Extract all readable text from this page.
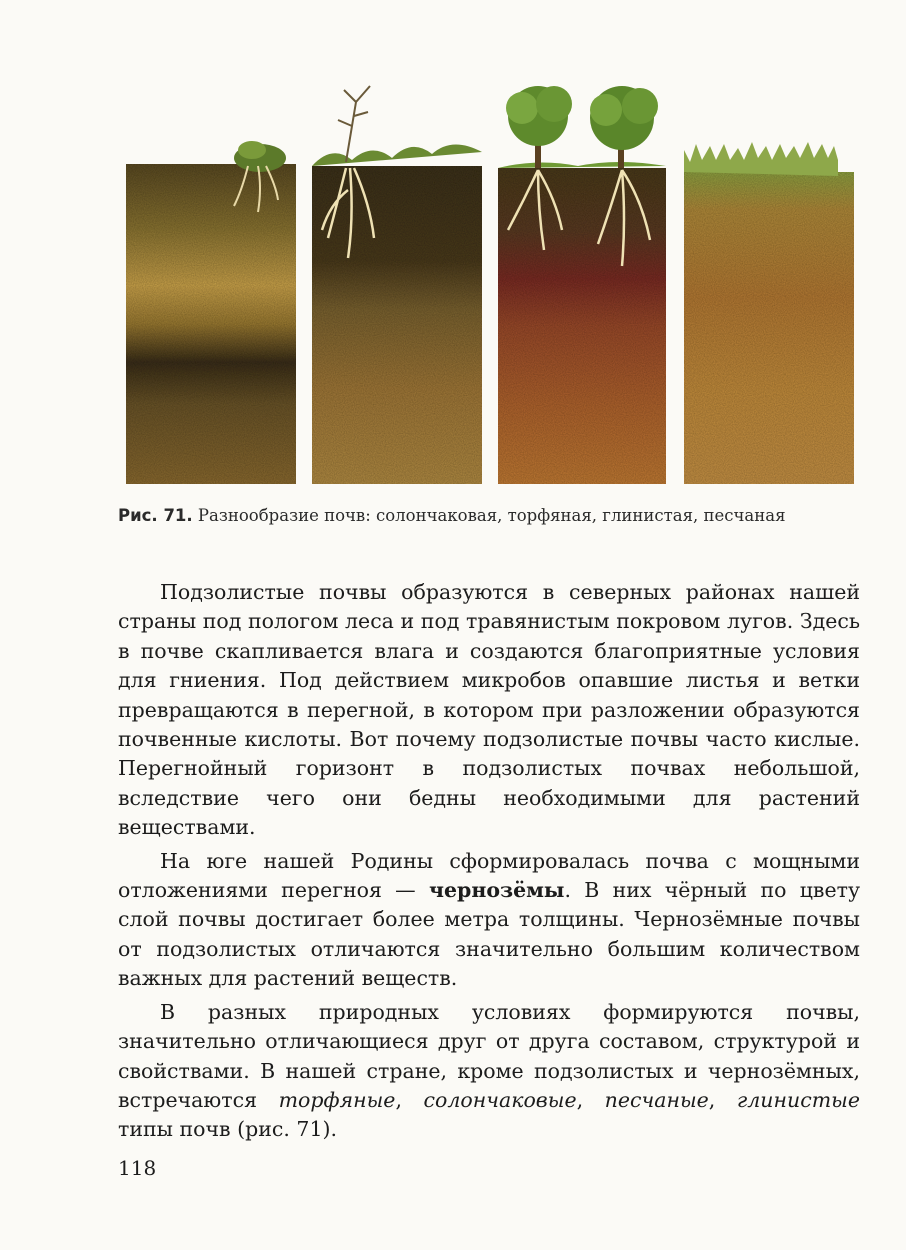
Рис. 71. Разнообразие почв: солончаковая, торфяная, глинистая, песчаная

Подзолистые почвы образуются в северных районах нашей страны под пологом леса и под травянистым покровом лугов. Здесь в почве скапливается влага и создаются благоприятные условия для гниения. Под действием микробов опавшие листья и ветки превращаются в перегной, в котором при разложении образуются почвенные кислоты. Вот почему подзолистые почвы часто кислые. Перегнойный горизонт в подзолистых почвах небольшой, вследствие чего они бедны необходимыми для растений веществами.

На юге нашей Родины сформировалась почва с мощными отложениями перегноя — чернозёмы. В них чёрный по цвету слой почвы достигает более метра толщины. Чернозёмные почвы от подзолистых отличаются значительно большим количеством важных для растений веществ.

В разных природных условиях формируются почвы, значительно отличающиеся друг от друга составом, структурой и свойствами. В нашей стране, кроме подзолистых и чернозёмных, встречаются торфяные, солончаковые, песчаные, глинистые типы почв (рис. 71).

118
